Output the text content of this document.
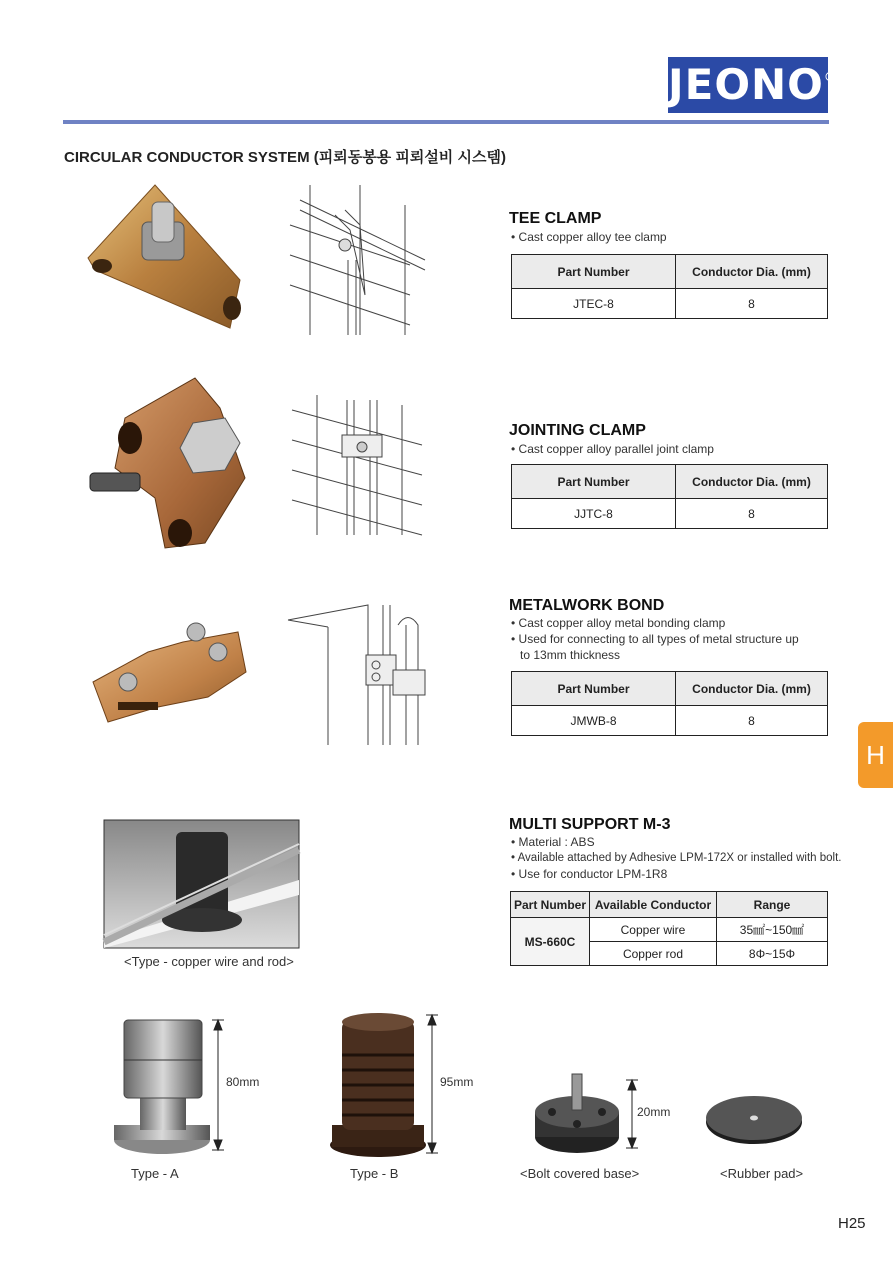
JEONO®
CIRCULAR CONDUCTOR SYSTEM (피뢰동봉용 피뢰설비 시스템)
TEE CLAMP
• Cast copper alloy tee clamp
Part Number	Conductor Dia. (mm)
JTEC-8	8
JOINTING CLAMP
• Cast copper alloy parallel joint clamp
Part Number	Conductor Dia. (mm)
JJTC-8	8
METALWORK BOND
• Cast copper alloy metal bonding clamp
• Used for connecting to all types of metal structure up
to 13mm thickness
Part Number	Conductor Dia. (mm)
JMWB-8	8
H
<Type - copper wire and rod>
MULTI SUPPORT M-3
• Material : ABS
• Available attached by Adhesive LPM-172X or installed with bolt.
• Use for conductor LPM-1R8
Part Number	Available Conductor	Range
MS-660C	Copper wire	35㎟~150㎟
	Copper rod	8Φ~15Φ
80mm
Type - A
95mm
Type - B
20mm
<Bolt covered base>	<Rubber pad>
H25
